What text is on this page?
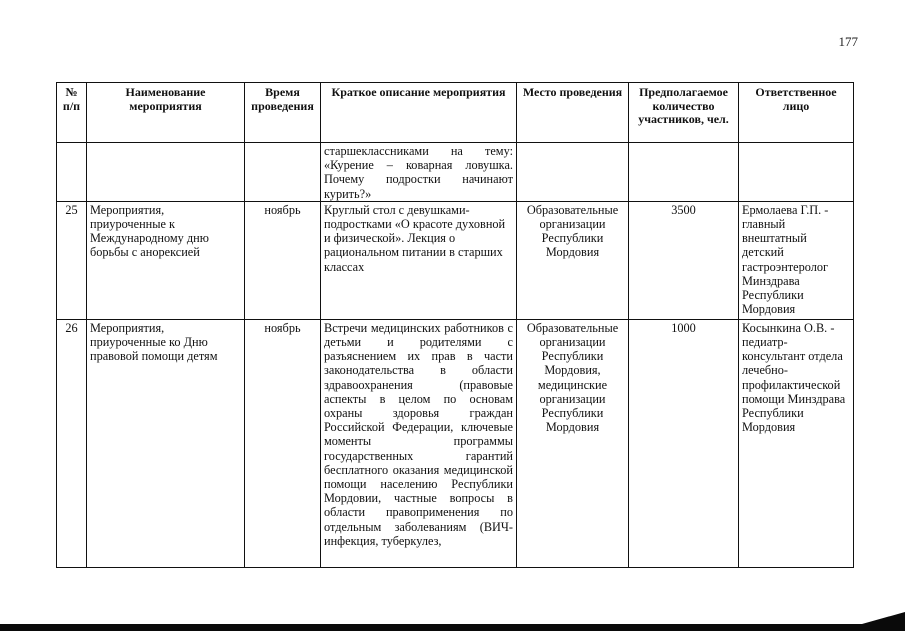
177
№ п/п	Наименование мероприятия	Время проведения	Краткое описание мероприятия	Место проведения	Предполагаемое количество участников, чел.	Ответственное лицо
			старшеклассниками на тему: «Курение – коварная ловушка. Почему подростки начинают курить?»			
25	Мероприятия, приуроченные к Международному дню борьбы с анорексией	ноябрь	Круглый стол с девушками-подростками «О красоте духовной и физической». Лекция о рациональном питании в старших классах	Образовательные организации Республики Мордовия	3500	Ермолаева Г.П. - главный внештатный детский гастроэнтеролог Минздрава Республики Мордовия
26	Мероприятия, приуроченные ко Дню правовой помощи детям	ноябрь	Встречи медицинских работников с детьми и родителями с разъяснением их прав в части законодательства в области здравоохранения (правовые аспекты в целом по основам охраны здоровья граждан Российской Федерации, ключевые моменты программы государственных гарантий бесплатного оказания медицинской помощи населению Республики Мордовии, частные вопросы в области правоприменения по отдельным заболеваниям (ВИЧ-инфекция, туберкулез,	Образовательные организации Республики Мордовия, медицинские организации Республики Мордовия	1000	Косынкина О.В. - педиатр-консультант отдела лечебно-профилактической помощи Минздрава Республики Мордовия
